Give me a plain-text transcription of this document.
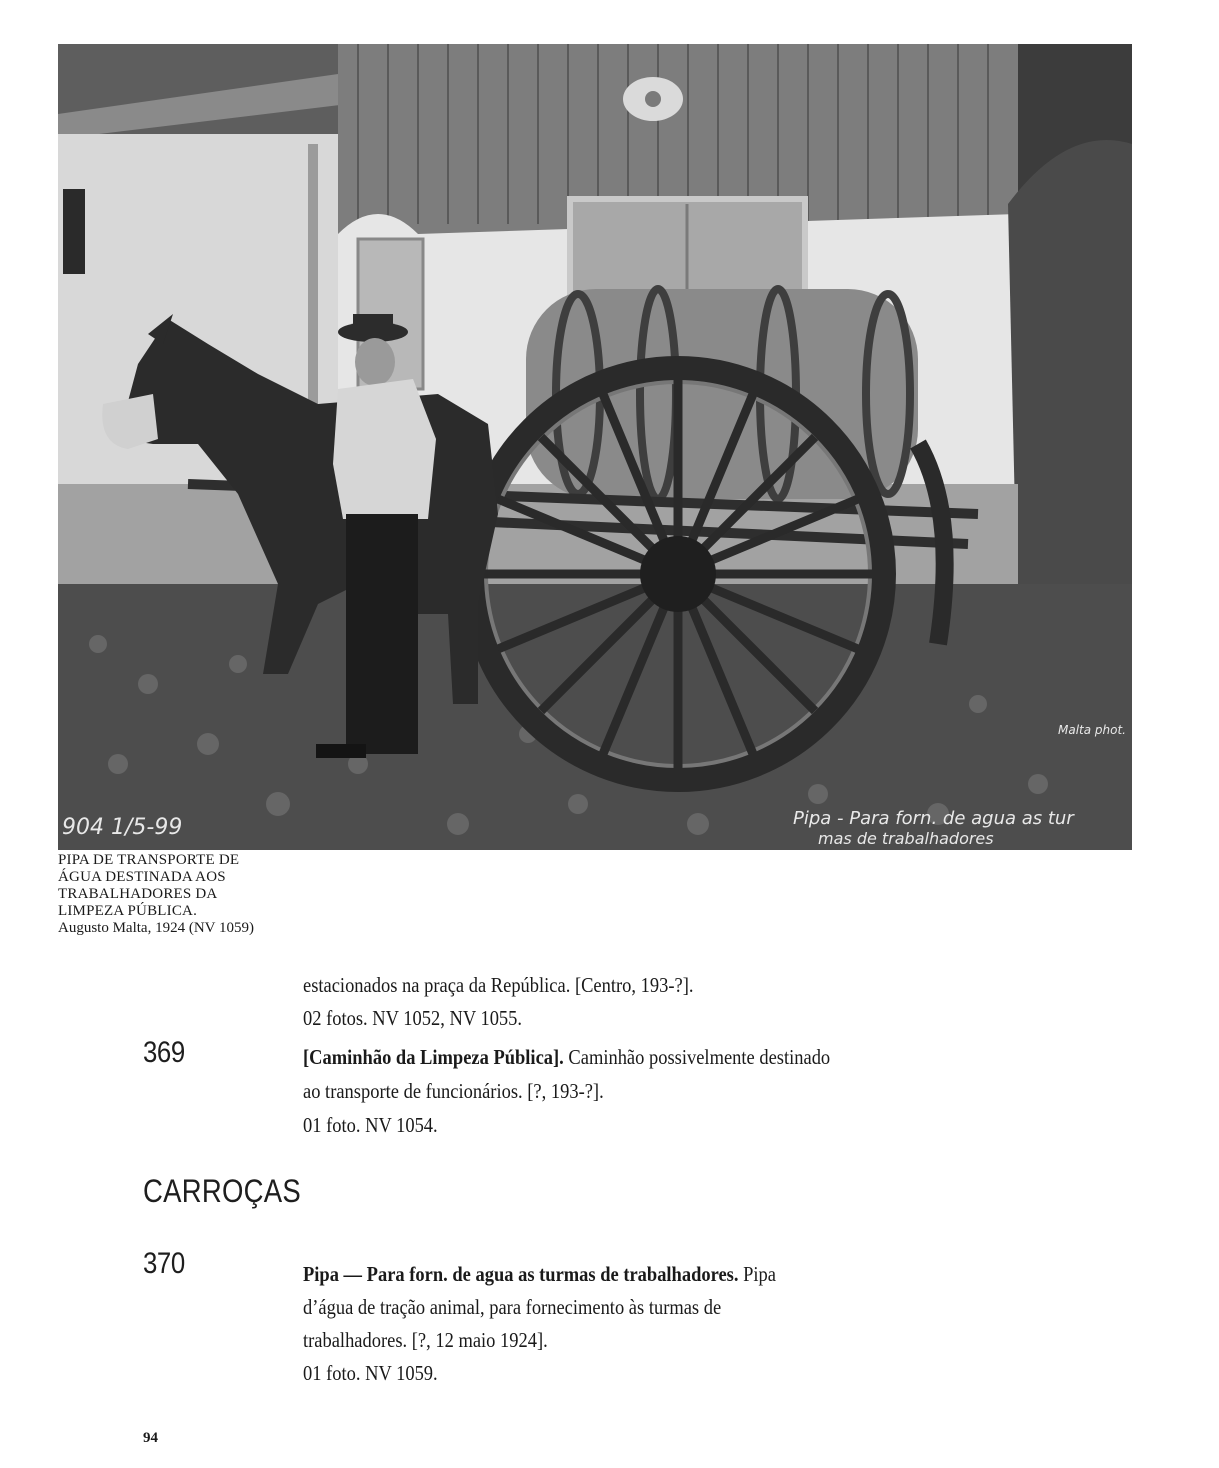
904 1/5-99	Pipa - Para forn. de agua as tur
mas de trabalhadores
Malta phot.
PIPA DE TRANSPORTE DE
ÁGUA DESTINADA AOS
TRABALHADORES DA
LIMPEZA PÚBLICA.
Augusto Malta, 1924 (NV 1059)
estacionados na praça da República. [Centro, 193-?].
02 fotos. NV 1052, NV 1055.
369	[Caminhão da Limpeza Pública]. Caminhão possivelmente destinado
ao transporte de funcionários. [?, 193-?].
01 foto. NV 1054.
CARROÇAS
370	Pipa — Para forn. de agua as turmas de trabalhadores. Pipa
d’água de tração animal, para fornecimento às turmas de
trabalhadores. [?, 12 maio 1924].
01 foto. NV 1059.
94
